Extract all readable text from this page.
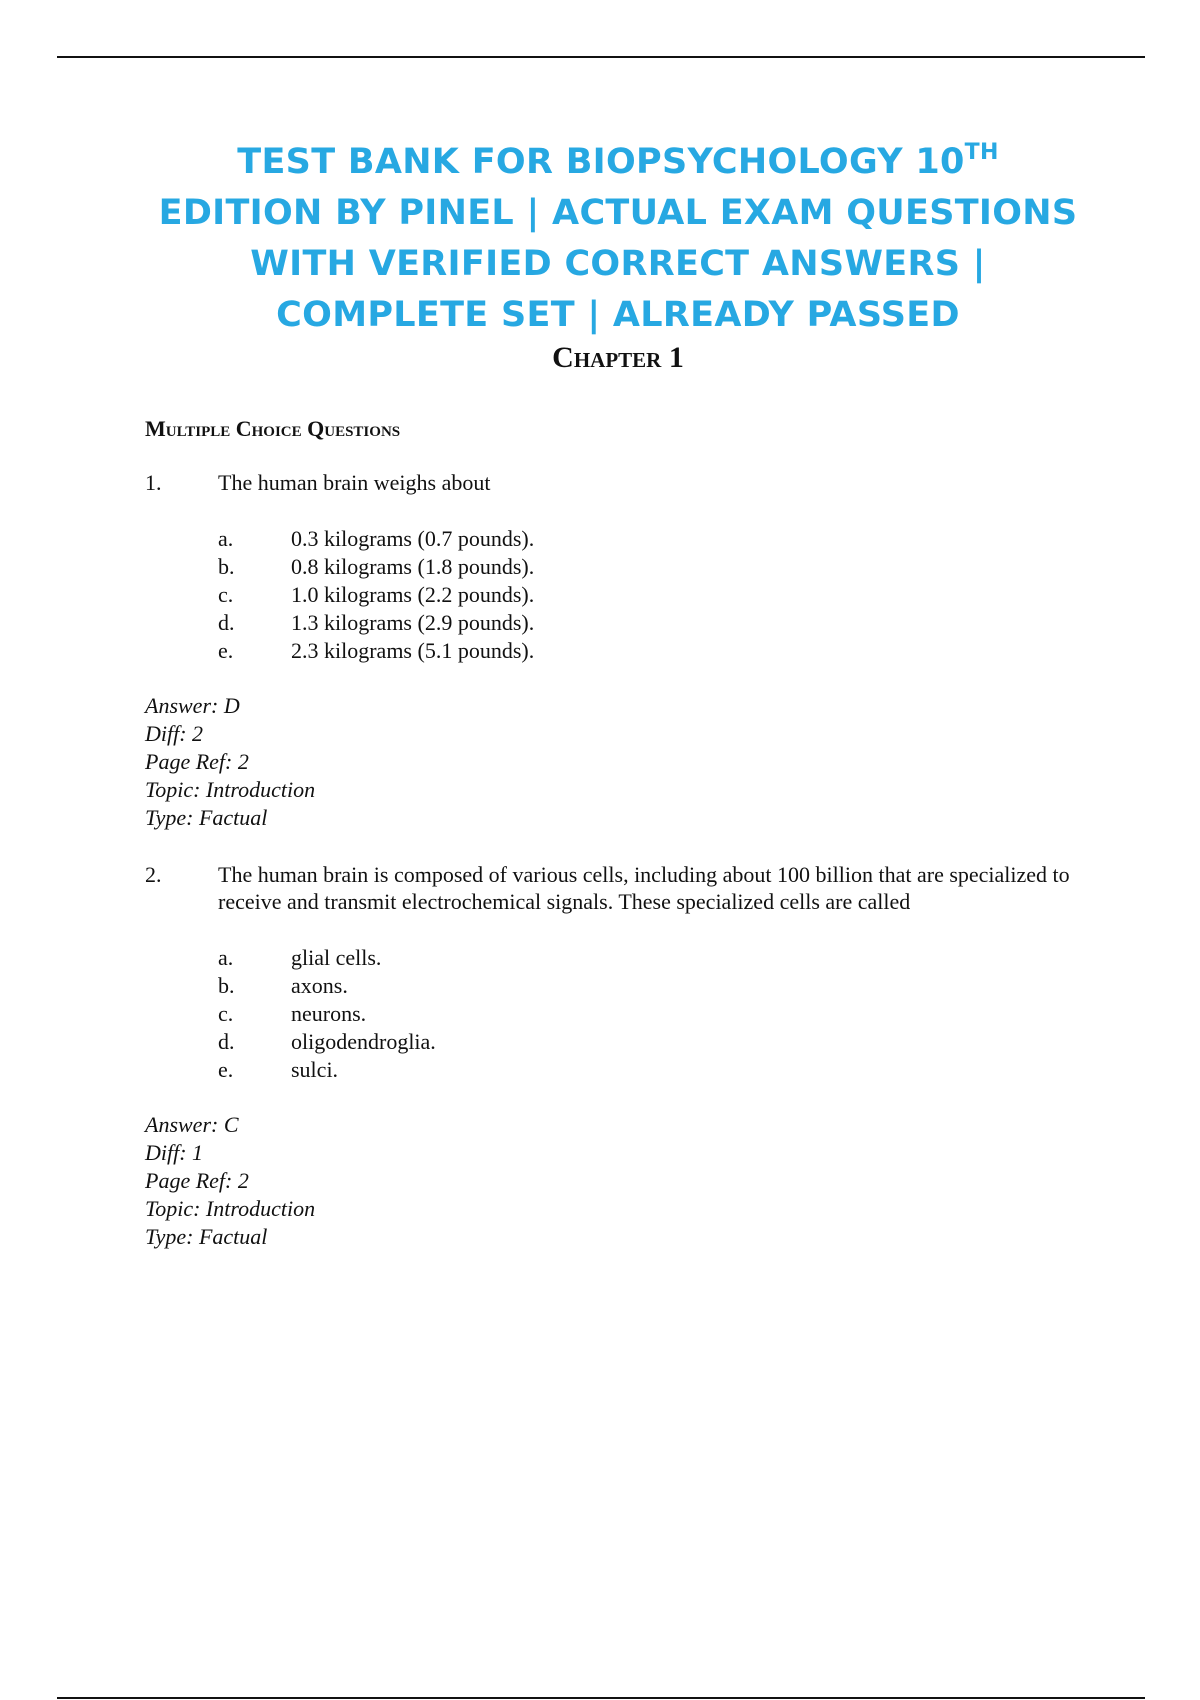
TEST BANK FOR BIOPSYCHOLOGY 10TH
EDITION BY PINEL | ACTUAL EXAM QUESTIONS
WITH VERIFIED CORRECT ANSWERS |
COMPLETE SET | ALREADY PASSED
Chapter 1
Multiple Choice Questions
1.	The human brain weighs about
a.	0.3 kilograms (0.7 pounds).
b.	0.8 kilograms (1.8 pounds).
c.	1.0 kilograms (2.2 pounds).
d.	1.3 kilograms (2.9 pounds).
e.	2.3 kilograms (5.1 pounds).
Answer: D
Diff: 2
Page Ref: 2
Topic: Introduction
Type: Factual
2.	The human brain is composed of various cells, including about 100 billion that are specialized to receive and transmit electrochemical signals. These specialized cells are called
a.	glial cells.
b.	axons.
c.	neurons.
d.	oligodendroglia.
e.	sulci.
Answer: C
Diff: 1
Page Ref: 2
Topic: Introduction
Type: Factual
